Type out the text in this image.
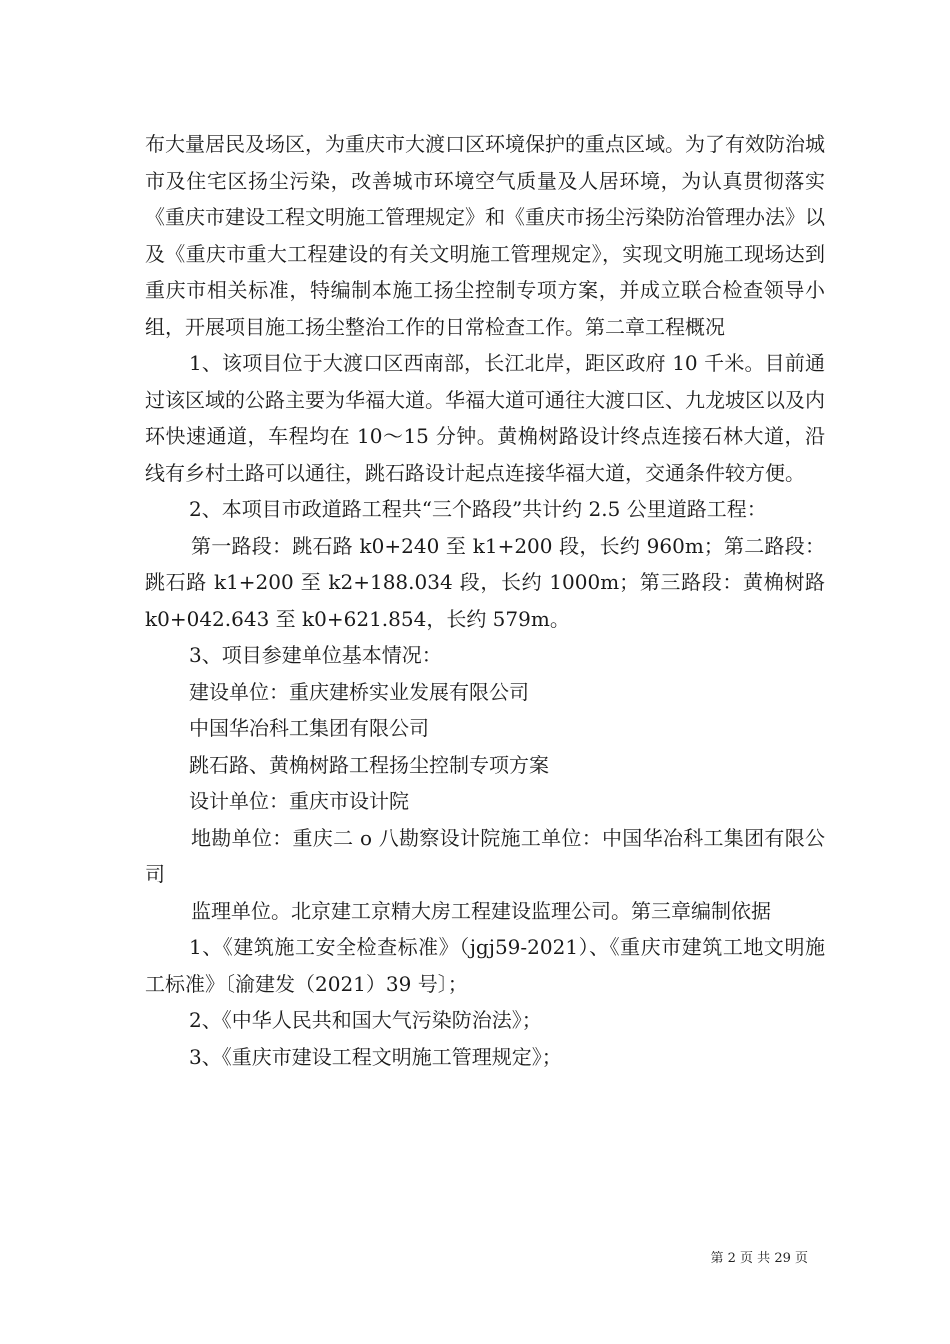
布大量居民及场区，为重庆市大渡口区环境保护的重点区域。为了有效防治城市及住宅区扬尘污染，改善城市环境空气质量及人居环境，为认真贯彻落实《重庆市建设工程文明施工管理规定》和《重庆市扬尘污染防治管理办法》以及《重庆市重大工程建设的有关文明施工管理规定》，实现文明施工现场达到重庆市相关标准，特编制本施工扬尘控制专项方案，并成立联合检查领导小组，开展项目施工扬尘整治工作的日常检查工作。第二章工程概况

1、该项目位于大渡口区西南部，长江北岸，距区政府 10 千米。目前通过该区域的公路主要为华福大道。华福大道可通往大渡口区、九龙坡区以及内环快速通道，车程均在 10～15 分钟。黄桷树路设计终点连接石林大道，沿线有乡村土路可以通往，跳石路设计起点连接华福大道，交通条件较方便。

2、本项目市政道路工程共“三个路段”共计约 2.5 公里道路工程：

第一路段：跳石路 k0+240 至 k1+200 段，长约 960m；第二路段：跳石路 k1+200 至 k2+188.034 段，长约 1000m；第三路段：黄桷树路 k0+042.643 至 k0+621.854，长约 579m。

3、项目参建单位基本情况：

建设单位：重庆建桥实业发展有限公司

中国华冶科工集团有限公司

跳石路、黄桷树路工程扬尘控制专项方案

设计单位：重庆市设计院

地勘单位：重庆二 o 八勘察设计院施工单位：中国华冶科工集团有限公司

监理单位。北京建工京精大房工程建设监理公司。第三章编制依据

1、《建筑施工安全检查标准》（jgj59-2021）、《重庆市建筑工地文明施工标准》〔渝建发（2021）39 号〕；

2、《中华人民共和国大气污染防治法》；

3、《重庆市建设工程文明施工管理规定》；

第 2 页 共 29 页
